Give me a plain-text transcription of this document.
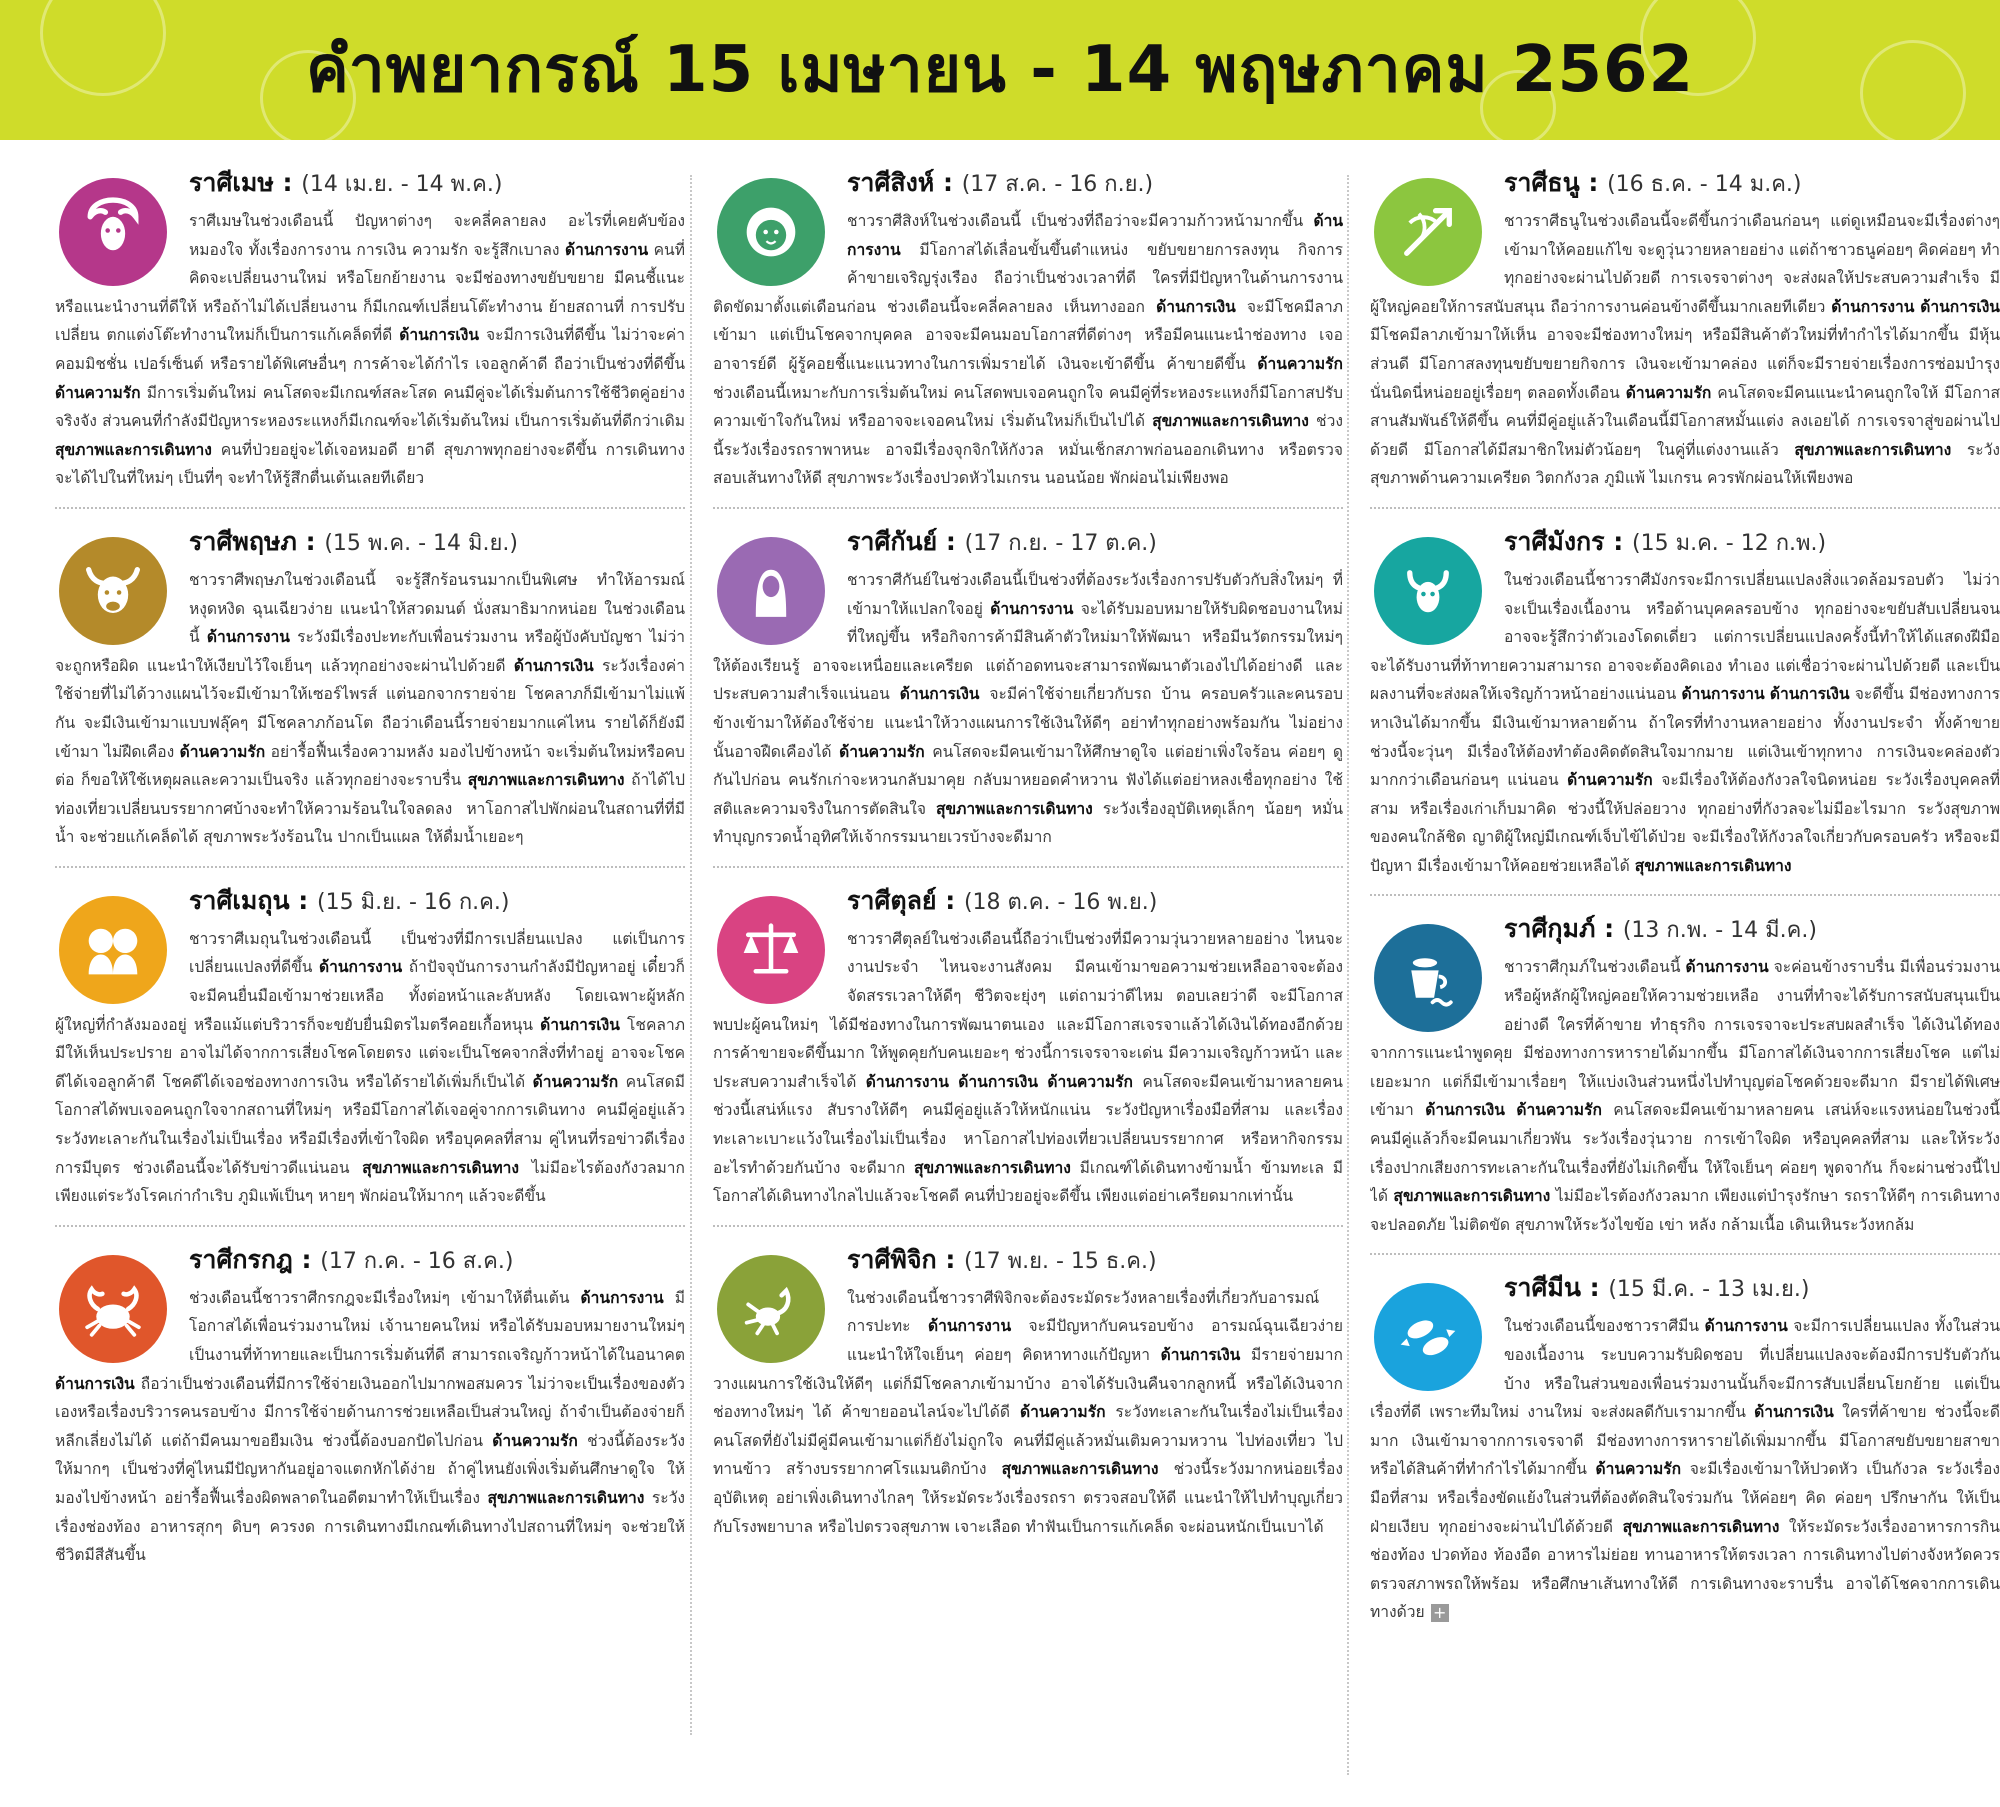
คำพยากรณ์ 15 เมษายน - 14 พฤษภาคม 2562
ราศีเมษ : (14 เม.ย. - 14 พ.ค.)

ราศีเมษในช่วงเดือนนี้ ปัญหาต่างๆ จะคลี่คลายลง อะไรที่เคยคับข้องหมองใจ ทั้งเรื่องการงาน การเงิน ความรัก จะรู้สึกเบาลง ด้านการงาน คนที่คิดจะเปลี่ยนงานใหม่ หรือโยกย้ายงาน จะมีช่องทางขยับขยาย มีคนชี้แนะ หรือแนะนำงานที่ดีให้ หรือถ้าไม่ได้เปลี่ยนงาน ก็มีเกณฑ์เปลี่ยนโต๊ะทำงาน ย้ายสถานที่ การปรับเปลี่ยน ตกแต่งโต๊ะทำงานใหม่ก็เป็นการแก้เคล็ดที่ดี ด้านการเงิน จะมีการเงินที่ดีขึ้น ไม่ว่าจะค่าคอมมิชชั่น เปอร์เซ็นต์ หรือรายได้พิเศษอื่นๆ การค้าจะได้กำไร เจอลูกค้าดี ถือว่าเป็นช่วงที่ดีขึ้น ด้านความรัก มีการเริ่มต้นใหม่ คนโสดจะมีเกณฑ์สละโสด คนมีคู่จะได้เริ่มต้นการใช้ชีวิตคู่อย่างจริงจัง ส่วนคนที่กำลังมีปัญหาระหองระแหงก็มีเกณฑ์จะได้เริ่มต้นใหม่ เป็นการเริ่มต้นที่ดีกว่าเดิม สุขภาพและการเดินทาง คนที่ป่วยอยู่จะได้เจอหมอดี ยาดี สุขภาพทุกอย่างจะดีขึ้น การเดินทางจะได้ไปในที่ใหม่ๆ เป็นที่ๆ จะทำให้รู้สึกตื่นเต้นเลยทีเดียว

ราศีพฤษภ : (15 พ.ค. - 14 มิ.ย.)

ชาวราศีพฤษภในช่วงเดือนนี้ จะรู้สึกร้อนรนมากเป็นพิเศษ ทำให้อารมณ์หงุดหงิด ฉุนเฉียวง่าย แนะนำให้สวดมนต์ นั่งสมาธิมากหน่อย ในช่วงเดือนนี้ ด้านการงาน ระวังมีเรื่องปะทะกับเพื่อนร่วมงาน หรือผู้บังคับบัญชา ไม่ว่าจะถูกหรือผิด แนะนำให้เงียบไว้ใจเย็นๆ แล้วทุกอย่างจะผ่านไปด้วยดี ด้านการเงิน ระวังเรื่องค่าใช้จ่ายที่ไม่ได้วางแผนไว้จะมีเข้ามาให้เซอร์ไพรส์ แต่นอกจากรายจ่าย โชคลาภก็มีเข้ามาไม่แพ้กัน จะมีเงินเข้ามาแบบฟลุ๊คๆ มีโชคลาภก้อนโต ถือว่าเดือนนี้รายจ่ายมากแค่ไหน รายได้ก็ยังมีเข้ามา ไม่ฝืดเคือง ด้านความรัก อย่ารื้อฟื้นเรื่องความหลัง มองไปข้างหน้า จะเริ่มต้นใหม่หรือคบต่อ ก็ขอให้ใช้เหตุผลและความเป็นจริง แล้วทุกอย่างจะราบรื่น สุขภาพและการเดินทาง ถ้าได้ไปท่องเที่ยวเปลี่ยนบรรยากาศบ้างจะทำให้ความร้อนในใจลดลง หาโอกาสไปพักผ่อนในสถานที่ที่มีน้ำ จะช่วยแก้เคล็ดได้ สุขภาพระวังร้อนใน ปากเป็นแผล ให้ดื่มน้ำเยอะๆ

ราศีเมถุน : (15 มิ.ย. - 16 ก.ค.)

ชาวราศีเมถุนในช่วงเดือนนี้ เป็นช่วงที่มีการเปลี่ยนแปลง แต่เป็นการเปลี่ยนแปลงที่ดีขึ้น ด้านการงาน ถ้าปัจจุบันการงานกำลังมีปัญหาอยู่ เดี๋ยวก็จะมีคนยื่นมือเข้ามาช่วยเหลือ ทั้งต่อหน้าและลับหลัง โดยเฉพาะผู้หลักผู้ใหญ่ที่กำลังมองอยู่ หรือแม้แต่บริวารก็จะขยับยื่นมิตรไมตรีคอยเกื้อหนุน ด้านการเงิน โชคลาภมีให้เห็นประปราย อาจไม่ได้จากการเสี่ยงโชคโดยตรง แต่จะเป็นโชคจากสิ่งที่ทำอยู่ อาจจะโชคดีได้เจอลูกค้าดี โชคดีได้เจอช่องทางการเงิน หรือได้รายได้เพิ่มก็เป็นได้ ด้านความรัก คนโสดมีโอกาสได้พบเจอคนถูกใจจากสถานที่ใหม่ๆ หรือมีโอกาสได้เจอคู่จากการเดินทาง คนมีคู่อยู่แล้วระวังทะเลาะกันในเรื่องไม่เป็นเรื่อง หรือมีเรื่องที่เข้าใจผิด หรือบุคคลที่สาม คู่ไหนที่รอข่าวดีเรื่องการมีบุตร ช่วงเดือนนี้จะได้รับข่าวดีแน่นอน สุขภาพและการเดินทาง ไม่มีอะไรต้องกังวลมาก เพียงแต่ระวังโรคเก่ากำเริบ ภูมิแพ้เป็นๆ หายๆ พักผ่อนให้มากๆ แล้วจะดีขึ้น

ราศีกรกฎ : (17 ก.ค. - 16 ส.ค.)

ช่วงเดือนนี้ชาวราศีกรกฎจะมีเรื่องใหม่ๆ เข้ามาให้ตื่นเต้น ด้านการงาน มีโอกาสได้เพื่อนร่วมงานใหม่ เจ้านายคนใหม่ หรือได้รับมอบหมายงานใหม่ๆ เป็นงานที่ท้าทายและเป็นการเริ่มต้นที่ดี สามารถเจริญก้าวหน้าได้ในอนาคต ด้านการเงิน ถือว่าเป็นช่วงเดือนที่มีการใช้จ่ายเงินออกไปมากพอสมควร ไม่ว่าจะเป็นเรื่องของตัวเองหรือเรื่องบริวารคนรอบข้าง มีการใช้จ่ายด้านการช่วยเหลือเป็นส่วนใหญ่ ถ้าจำเป็นต้องจ่ายก็หลีกเลี่ยงไม่ได้ แต่ถ้ามีคนมาขอยืมเงิน ช่วงนี้ต้องบอกปัดไปก่อน ด้านความรัก ช่วงนี้ต้องระวังให้มากๆ เป็นช่วงที่คู่ไหนมีปัญหากันอยู่อาจแตกหักได้ง่าย ถ้าคู่ไหนยังเพิ่งเริ่มต้นศึกษาดูใจ ให้มองไปข้างหน้า อย่ารื้อฟื้นเรื่องผิดพลาดในอดีตมาทำให้เป็นเรื่อง สุขภาพและการเดินทาง ระวังเรื่องช่องท้อง อาหารสุกๆ ดิบๆ ควรงด การเดินทางมีเกณฑ์เดินทางไปสถานที่ใหม่ๆ จะช่วยให้ชีวิตมีสีสันขึ้น

ราศีสิงห์ : (17 ส.ค. - 16 ก.ย.)

ชาวราศีสิงห์ในช่วงเดือนนี้ เป็นช่วงที่ถือว่าจะมีความก้าวหน้ามากขึ้น ด้านการงาน มีโอกาสได้เลื่อนขั้นขึ้นตำแหน่ง ขยับขยายการลงทุน กิจการค้าขายเจริญรุ่งเรือง ถือว่าเป็นช่วงเวลาที่ดี ใครที่มีปัญหาในด้านการงานติดขัดมาตั้งแต่เดือนก่อน ช่วงเดือนนี้จะคลี่คลายลง เห็นทางออก ด้านการเงิน จะมีโชคมีลาภเข้ามา แต่เป็นโชคจากบุคคล อาจจะมีคนมอบโอกาสที่ดีต่างๆ หรือมีคนแนะนำช่องทาง เจออาจารย์ดี ผู้รู้คอยชี้แนะแนวทางในการเพิ่มรายได้ เงินจะเข้าดีขึ้น ค้าขายดีขึ้น ด้านความรัก ช่วงเดือนนี้เหมาะกับการเริ่มต้นใหม่ คนโสดพบเจอคนถูกใจ คนมีคู่ที่ระหองระแหงก็มีโอกาสปรับความเข้าใจกันใหม่ หรืออาจจะเจอคนใหม่ เริ่มต้นใหม่ก็เป็นไปได้ สุขภาพและการเดินทาง ช่วงนี้ระวังเรื่องรถราพาหนะ อาจมีเรื่องจุกจิกให้กังวล หมั่นเช็กสภาพก่อนออกเดินทาง หรือตรวจสอบเส้นทางให้ดี สุขภาพระวังเรื่องปวดหัวไมเกรน นอนน้อย พักผ่อนไม่เพียงพอ

ราศีกันย์ : (17 ก.ย. - 17 ต.ค.)

ชาวราศีกันย์ในช่วงเดือนนี้เป็นช่วงที่ต้องระวังเรื่องการปรับตัวกับสิ่งใหม่ๆ ที่เข้ามาให้แปลกใจอยู่ ด้านการงาน จะได้รับมอบหมายให้รับผิดชอบงานใหม่ที่ใหญ่ขึ้น หรือกิจการค้ามีสินค้าตัวใหม่มาให้พัฒนา หรือมีนวัตกรรมใหม่ๆ ให้ต้องเรียนรู้ อาจจะเหนื่อยและเครียด แต่ถ้าอดทนจะสามารถพัฒนาตัวเองไปได้อย่างดี และประสบความสำเร็จแน่นอน ด้านการเงิน จะมีค่าใช้จ่ายเกี่ยวกับรถ บ้าน ครอบครัวและคนรอบข้างเข้ามาให้ต้องใช้จ่าย แนะนำให้วางแผนการใช้เงินให้ดีๆ อย่าทำทุกอย่างพร้อมกัน ไม่อย่างนั้นอาจฝืดเคืองได้ ด้านความรัก คนโสดจะมีคนเข้ามาให้ศึกษาดูใจ แต่อย่าเพิ่งใจร้อน ค่อยๆ ดูกันไปก่อน คนรักเก่าจะหวนกลับมาคุย กลับมาหยอดคำหวาน ฟังได้แต่อย่าหลงเชื่อทุกอย่าง ใช้สติและความจริงในการตัดสินใจ สุขภาพและการเดินทาง ระวังเรื่องอุบัติเหตุเล็กๆ น้อยๆ หมั่นทำบุญกรวดน้ำอุทิศให้เจ้ากรรมนายเวรบ้างจะดีมาก

ราศีตุลย์ : (18 ต.ค. - 16 พ.ย.)

ชาวราศีตุลย์ในช่วงเดือนนี้ถือว่าเป็นช่วงที่มีความวุ่นวายหลายอย่าง ไหนจะงานประจำ ไหนจะงานสังคม มีคนเข้ามาขอความช่วยเหลืออาจจะต้องจัดสรรเวลาให้ดีๆ ชีวิตจะยุ่งๆ แต่ถามว่าดีไหม ตอบเลยว่าดี จะมีโอกาสพบปะผู้คนใหม่ๆ ได้มีช่องทางในการพัฒนาตนเอง และมีโอกาสเจรจาแล้วได้เงินได้ทองอีกด้วย การค้าขายจะดีขึ้นมาก ให้พูดคุยกับคนเยอะๆ ช่วงนี้การเจรจาจะเด่น มีความเจริญก้าวหน้า และประสบความสำเร็จได้ ด้านการงาน ด้านการเงิน ด้านความรัก คนโสดจะมีคนเข้ามาหลายคน ช่วงนี้เสน่ห์แรง สับรางให้ดีๆ คนมีคู่อยู่แล้วให้หนักแน่น ระวังปัญหาเรื่องมือที่สาม และเรื่องทะเลาะเบาะแว้งในเรื่องไม่เป็นเรื่อง หาโอกาสไปท่องเที่ยวเปลี่ยนบรรยากาศ หรือหากิจกรรมอะไรทำด้วยกันบ้าง จะดีมาก สุขภาพและการเดินทาง มีเกณฑ์ได้เดินทางข้ามน้ำ ข้ามทะเล มีโอกาสได้เดินทางไกลไปแล้วจะโชคดี คนที่ป่วยอยู่จะดีขึ้น เพียงแต่อย่าเครียดมากเท่านั้น

ราศีพิจิก : (17 พ.ย. - 15 ธ.ค.)

ในช่วงเดือนนี้ชาวราศีพิจิกจะต้องระมัดระวังหลายเรื่องที่เกี่ยวกับอารมณ์ การปะทะ ด้านการงาน จะมีปัญหากับคนรอบข้าง อารมณ์ฉุนเฉียวง่าย แนะนำให้ใจเย็นๆ ค่อยๆ คิดหาทางแก้ปัญหา ด้านการเงิน มีรายจ่ายมาก วางแผนการใช้เงินให้ดีๆ แต่ก็มีโชคลาภเข้ามาบ้าง อาจได้รับเงินคืนจากลูกหนี้ หรือได้เงินจากช่องทางใหม่ๆ ได้ ค้าขายออนไลน์จะไปได้ดี ด้านความรัก ระวังทะเลาะกันในเรื่องไม่เป็นเรื่อง คนโสดที่ยังไม่มีคู่มีคนเข้ามาแต่ก็ยังไม่ถูกใจ คนที่มีคู่แล้วหมั่นเติมความหวาน ไปท่องเที่ยว ไปทานข้าว สร้างบรรยากาศโรแมนติกบ้าง สุขภาพและการเดินทาง ช่วงนี้ระวังมากหน่อยเรื่องอุบัติเหตุ อย่าเพิ่งเดินทางไกลๆ ให้ระมัดระวังเรื่องรถรา ตรวจสอบให้ดี แนะนำให้ไปทำบุญเกี่ยวกับโรงพยาบาล หรือไปตรวจสุขภาพ เจาะเลือด ทำฟันเป็นการแก้เคล็ด จะผ่อนหนักเป็นเบาได้

ราศีธนู : (16 ธ.ค. - 14 ม.ค.)

ชาวราศีธนูในช่วงเดือนนี้จะดีขึ้นกว่าเดือนก่อนๆ แต่ดูเหมือนจะมีเรื่องต่างๆ เข้ามาให้คอยแก้ไข จะดูวุ่นวายหลายอย่าง แต่ถ้าชาวธนูค่อยๆ คิดค่อยๆ ทำ ทุกอย่างจะผ่านไปด้วยดี การเจรจาต่างๆ จะส่งผลให้ประสบความสำเร็จ มีผู้ใหญ่คอยให้การสนับสนุน ถือว่าการงานค่อนข้างดีขึ้นมากเลยทีเดียว ด้านการงาน ด้านการเงิน มีโชคมีลาภเข้ามาให้เห็น อาจจะมีช่องทางใหม่ๆ หรือมีสินค้าตัวใหม่ที่ทำกำไรได้มากขึ้น มีหุ้นส่วนดี มีโอกาสลงทุนขยับขยายกิจการ เงินจะเข้ามาคล่อง แต่ก็จะมีรายจ่ายเรื่องการซ่อมบำรุง นั่นนิดนี่หน่อยอยู่เรื่อยๆ ตลอดทั้งเดือน ด้านความรัก คนโสดจะมีคนแนะนำคนถูกใจให้ มีโอกาสสานสัมพันธ์ให้ดีขึ้น คนที่มีคู่อยู่แล้วในเดือนนี้มีโอกาสหมั้นแต่ง ลงเอยได้ การเจรจาสู่ขอผ่านไปด้วยดี มีโอกาสได้มีสมาชิกใหม่ตัวน้อยๆ ในคู่ที่แต่งงานแล้ว สุขภาพและการเดินทาง ระวังสุขภาพด้านความเครียด วิตกกังวล ภูมิแพ้ ไมเกรน ควรพักผ่อนให้เพียงพอ

ราศีมังกร : (15 ม.ค. - 12 ก.พ.)

ในช่วงเดือนนี้ชาวราศีมังกรจะมีการเปลี่ยนแปลงสิ่งแวดล้อมรอบตัว ไม่ว่าจะเป็นเรื่องเนื้องาน หรือด้านบุคคลรอบข้าง ทุกอย่างจะขยับสับเปลี่ยนจนอาจจะรู้สึกว่าตัวเองโดดเดี่ยว แต่การเปลี่ยนแปลงครั้งนี้ทำให้ได้แสดงฝีมือ จะได้รับงานที่ท้าทายความสามารถ อาจจะต้องคิดเอง ทำเอง แต่เชื่อว่าจะผ่านไปด้วยดี และเป็นผลงานที่จะส่งผลให้เจริญก้าวหน้าอย่างแน่นอน ด้านการงาน ด้านการเงิน จะดีขึ้น มีช่องทางการหาเงินได้มากขึ้น มีเงินเข้ามาหลายด้าน ถ้าใครที่ทำงานหลายอย่าง ทั้งงานประจำ ทั้งค้าขาย ช่วงนี้จะวุ่นๆ มีเรื่องให้ต้องทำต้องคิดตัดสินใจมากมาย แต่เงินเข้าทุกทาง การเงินจะคล่องตัวมากกว่าเดือนก่อนๆ แน่นอน ด้านความรัก จะมีเรื่องให้ต้องกังวลใจนิดหน่อย ระวังเรื่องบุคคลที่สาม หรือเรื่องเก่าเก็บมาคิด ช่วงนี้ให้ปล่อยวาง ทุกอย่างที่กังวลจะไม่มีอะไรมาก ระวังสุขภาพของคนใกล้ชิด ญาติผู้ใหญ่มีเกณฑ์เจ็บไข้ได้ป่วย จะมีเรื่องให้กังวลใจเกี่ยวกับครอบครัว หรือจะมีปัญหา มีเรื่องเข้ามาให้คอยช่วยเหลือได้ สุขภาพและการเดินทาง

ราศีกุมภ์ : (13 ก.พ. - 14 มี.ค.)

ชาวราศีกุมภ์ในช่วงเดือนนี้ ด้านการงาน จะค่อนข้างราบรื่น มีเพื่อนร่วมงานหรือผู้หลักผู้ใหญ่คอยให้ความช่วยเหลือ งานที่ทำจะได้รับการสนับสนุนเป็นอย่างดี ใครที่ค้าขาย ทำธุรกิจ การเจรจาจะประสบผลสำเร็จ ได้เงินได้ทองจากการแนะนำพูดคุย มีช่องทางการหารายได้มากขึ้น มีโอกาสได้เงินจากการเสี่ยงโชค แต่ไม่เยอะมาก แต่ก็มีเข้ามาเรื่อยๆ ให้แบ่งเงินส่วนหนึ่งไปทำบุญต่อโชคด้วยจะดีมาก มีรายได้พิเศษเข้ามา ด้านการเงิน ด้านความรัก คนโสดจะมีคนเข้ามาหลายคน เสน่ห์จะแรงหน่อยในช่วงนี้ คนมีคู่แล้วก็จะมีคนมาเกี่ยวพัน ระวังเรื่องวุ่นวาย การเข้าใจผิด หรือบุคคลที่สาม และให้ระวังเรื่องปากเสียงการทะเลาะกันในเรื่องที่ยังไม่เกิดขึ้น ให้ใจเย็นๆ ค่อยๆ พูดจากัน ก็จะผ่านช่วงนี้ไปได้ สุขภาพและการเดินทาง ไม่มีอะไรต้องกังวลมาก เพียงแต่บำรุงรักษา รถราให้ดีๆ การเดินทางจะปลอดภัย ไม่ติดขัด สุขภาพให้ระวังไขข้อ เข่า หลัง กล้ามเนื้อ เดินเหินระวังหกล้ม

ราศีมีน : (15 มี.ค. - 13 เม.ย.)

ในช่วงเดือนนี้ของชาวราศีมีน ด้านการงาน จะมีการเปลี่ยนแปลง ทั้งในส่วนของเนื้องาน ระบบความรับผิดชอบ ที่เปลี่ยนแปลงจะต้องมีการปรับตัวกันบ้าง หรือในส่วนของเพื่อนร่วมงานนั้นก็จะมีการสับเปลี่ยนโยกย้าย แต่เป็นเรื่องที่ดี เพราะทีมใหม่ งานใหม่ จะส่งผลดีกับเรามากขึ้น ด้านการเงิน ใครที่ค้าขาย ช่วงนี้จะดีมาก เงินเข้ามาจากการเจรจาดี มีช่องทางการหารายได้เพิ่มมากขึ้น มีโอกาสขยับขยายสาขา หรือได้สินค้าที่ทำกำไรได้มากขึ้น ด้านความรัก จะมีเรื่องเข้ามาให้ปวดหัว เป็นกังวล ระวังเรื่องมือที่สาม หรือเรื่องขัดแย้งในส่วนที่ต้องตัดสินใจร่วมกัน ให้ค่อยๆ คิด ค่อยๆ ปรึกษากัน ให้เป็นฝ่ายเงียบ ทุกอย่างจะผ่านไปได้ด้วยดี สุขภาพและการเดินทาง ให้ระมัดระวังเรื่องอาหารการกิน ช่องท้อง ปวดท้อง ท้องอืด อาหารไม่ย่อย ทานอาหารให้ตรงเวลา การเดินทางไปต่างจังหวัดควรตรวจสภาพรถให้พร้อม หรือศึกษาเส้นทางให้ดี การเดินทางจะราบรื่น อาจได้โชคจากการเดินทางด้วย +
